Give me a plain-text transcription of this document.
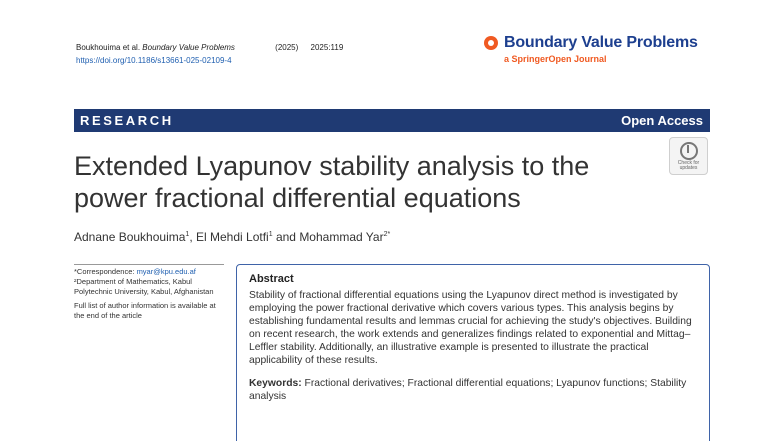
Boukhouima et al. Boundary Value Problems	(2025) 2025:119
https://doi.org/10.1186/s13661-025-02109-4
Boundary Value Problems
a SpringerOpen Journal
RESEARCH	Open Access
Extended Lyapunov stability analysis to the power fractional differential equations
Check for
updates
Adnane Boukhouima$^1$, El Mehdi Lotfi$^1$ and Mohammad Yar$^{2*}$

*Correspondence: myar@kpu.edu.af

²Department of Mathematics, Kabul Polytechnic University, Kabul, Afghanistan

Full list of author information is available at the end of the article

Abstract

Stability of fractional differential equations using the Lyapunov direct method is investigated by employing the power fractional derivative which covers various types. This analysis begins by establishing fundamental results and lemmas crucial for achieving the study's objectives. Building on recent research, the work extends and generalizes findings related to exponential and Mittag–Leffler stability. Additionally, an illustrative example is presented to illustrate the practical applicability of these results.

Keywords: Fractional derivatives; Fractional differential equations; Lyapunov functions; Stability analysis
